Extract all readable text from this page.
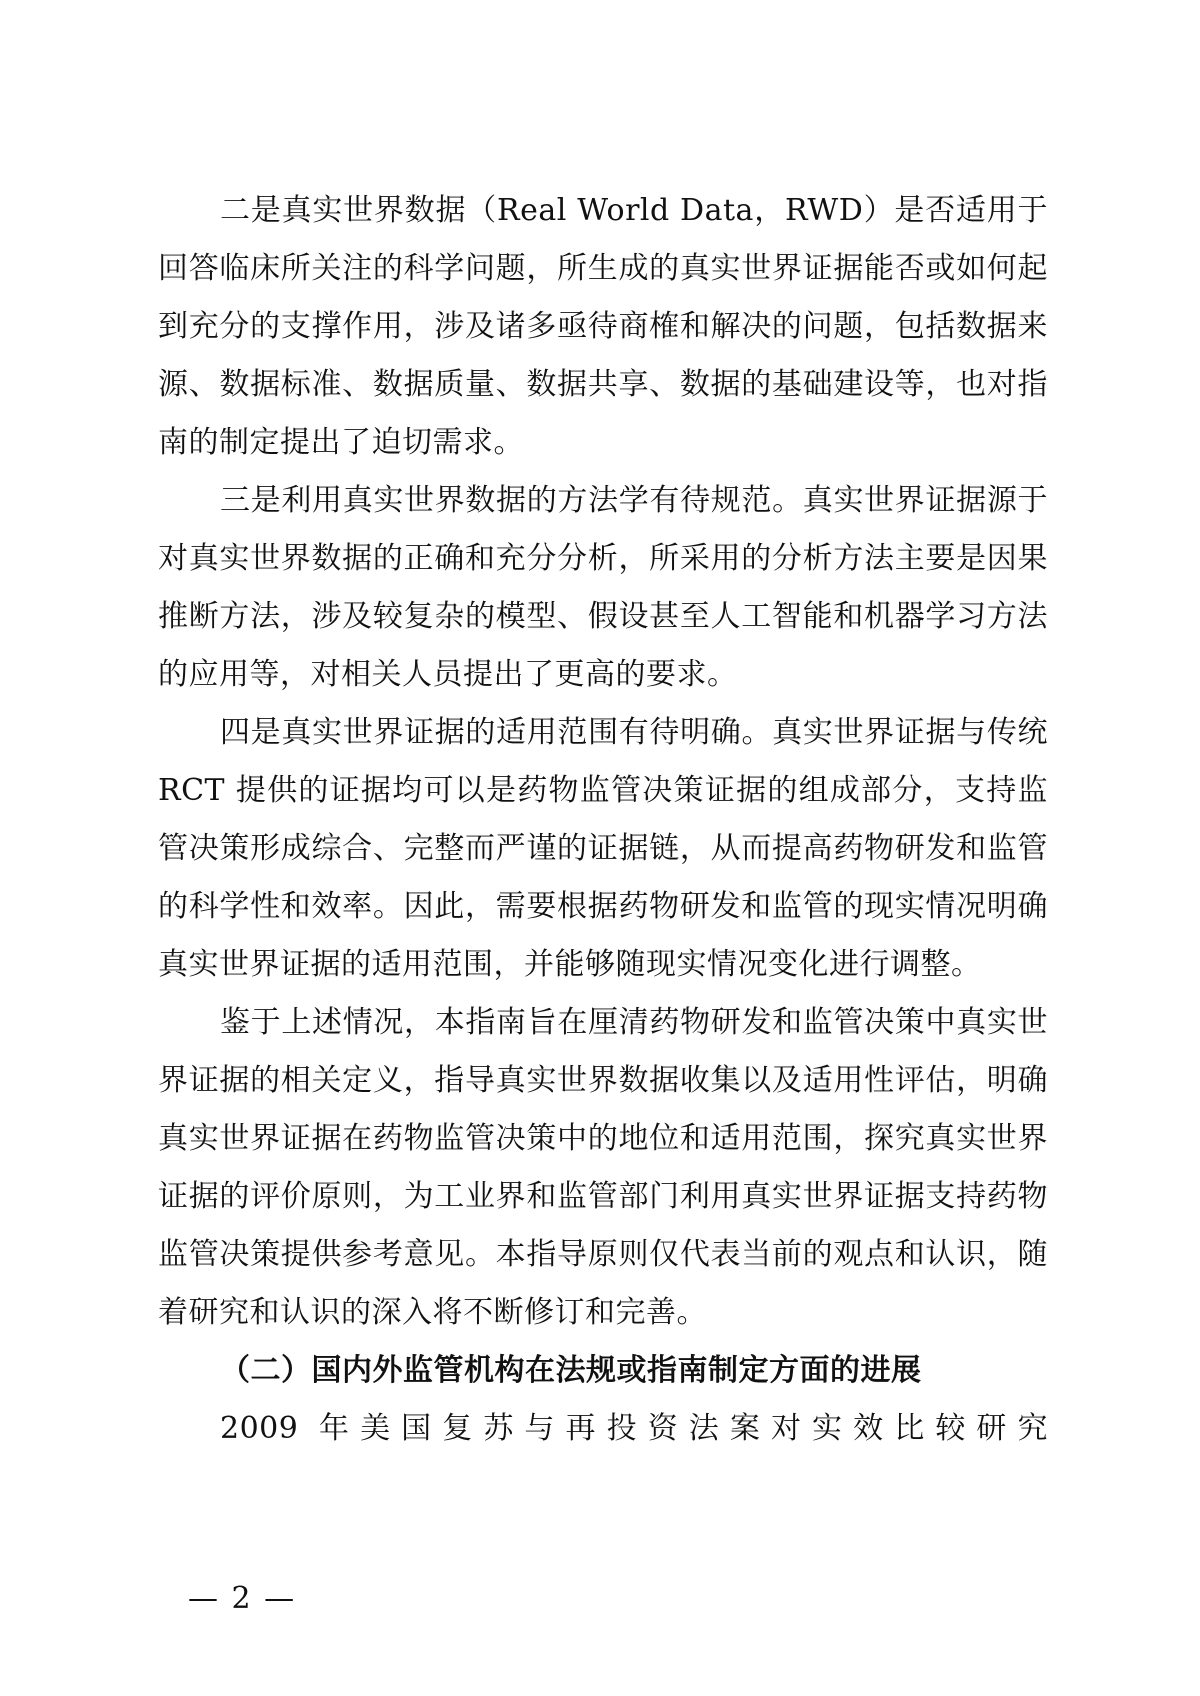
二是真实世界数据（Real World Data，RWD）是否适用于回答临床所关注的科学问题，所生成的真实世界证据能否或如何起到充分的支撑作用，涉及诸多亟待商榷和解决的问题，包括数据来源、数据标准、数据质量、数据共享、数据的基础建设等，也对指南的制定提出了迫切需求。

三是利用真实世界数据的方法学有待规范。真实世界证据源于对真实世界数据的正确和充分分析，所采用的分析方法主要是因果推断方法，涉及较复杂的模型、假设甚至人工智能和机器学习方法的应用等，对相关人员提出了更高的要求。

四是真实世界证据的适用范围有待明确。真实世界证据与传统 RCT 提供的证据均可以是药物监管决策证据的组成部分，支持监管决策形成综合、完整而严谨的证据链，从而提高药物研发和监管的科学性和效率。因此，需要根据药物研发和监管的现实情况明确真实世界证据的适用范围，并能够随现实情况变化进行调整。

鉴于上述情况，本指南旨在厘清药物研发和监管决策中真实世界证据的相关定义，指导真实世界数据收集以及适用性评估，明确真实世界证据在药物监管决策中的地位和适用范围，探究真实世界证据的评价原则，为工业界和监管部门利用真实世界证据支持药物监管决策提供参考意见。本指导原则仅代表当前的观点和认识，随着研究和认识的深入将不断修订和完善。

（二）国内外监管机构在法规或指南制定方面的进展

2009 年美国复苏与再投资法案对实效比较研究

— 2 —
